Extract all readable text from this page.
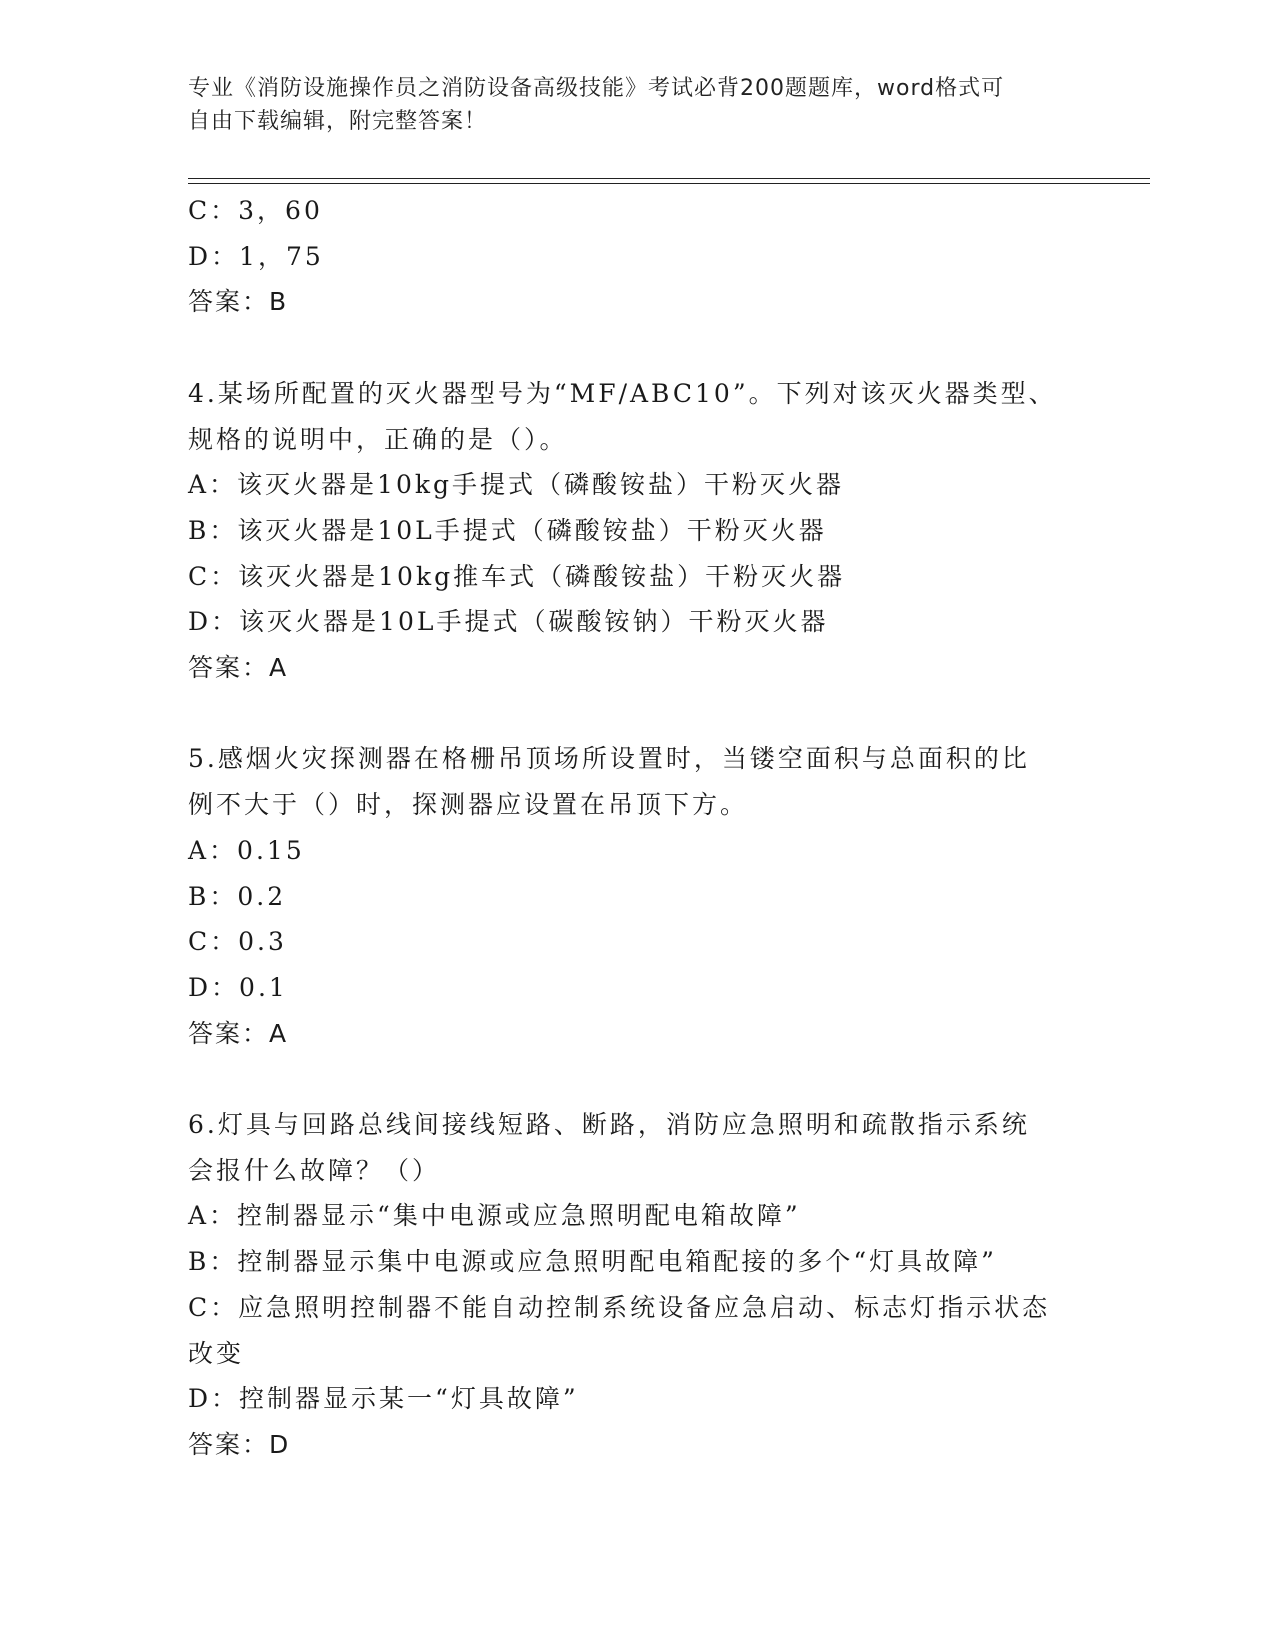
专业《消防设施操作员之消防设备高级技能》考试必背200题题库，word格式可
自由下载编辑，附完整答案！
C：3，60
D：1，75
答案：B
4.某场所配置的灭火器型号为“MF/ABC10”。下列对该灭火器类型、
规格的说明中，正确的是（）。
A：该灭火器是10kg手提式（磷酸铵盐）干粉灭火器
B：该灭火器是10L手提式（磷酸铵盐）干粉灭火器
C：该灭火器是10kg推车式（磷酸铵盐）干粉灭火器
D：该灭火器是10L手提式（碳酸铵钠）干粉灭火器
答案：A
5.感烟火灾探测器在格栅吊顶场所设置时，当镂空面积与总面积的比
例不大于（）时，探测器应设置在吊顶下方。
A：0.15
B：0.2
C：0.3
D：0.1
答案：A
6.灯具与回路总线间接线短路、断路，消防应急照明和疏散指示系统
会报什么故障？（）
A：控制器显示“集中电源或应急照明配电箱故障”
B：控制器显示集中电源或应急照明配电箱配接的多个“灯具故障”
C：应急照明控制器不能自动控制系统设备应急启动、标志灯指示状态
改变
D：控制器显示某一“灯具故障”
答案：D
